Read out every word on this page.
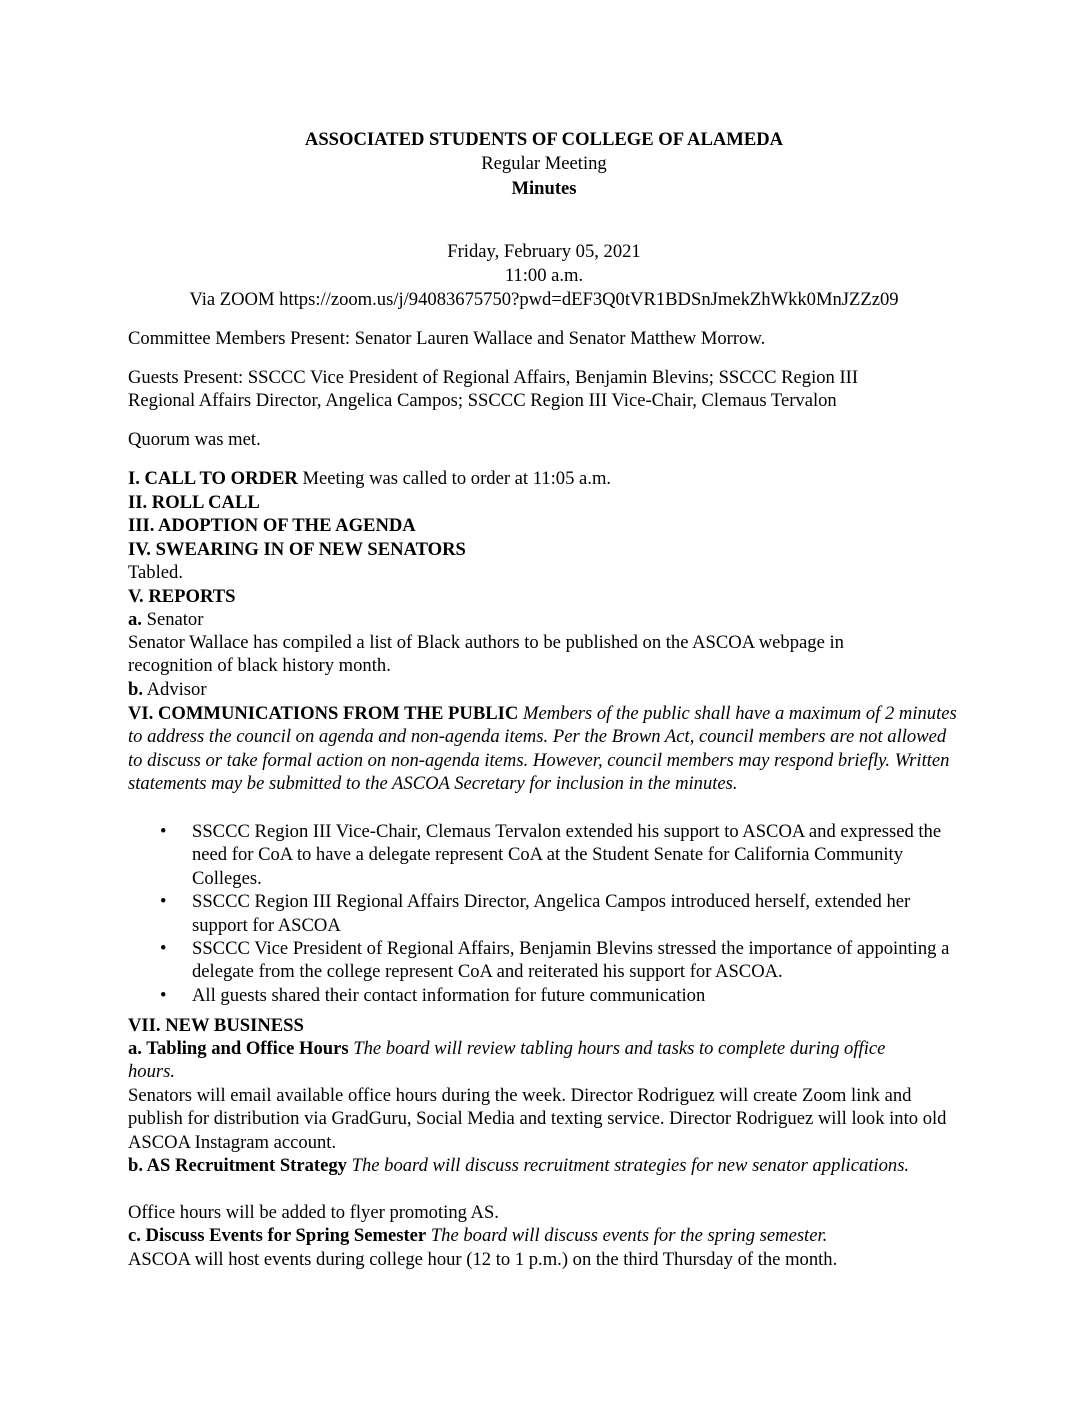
ASSOCIATED STUDENTS OF COLLEGE OF ALAMEDA
Regular Meeting
Minutes
Friday, February 05, 2021
11:00 a.m.
Via ZOOM https://zoom.us/j/94083675750?pwd=dEF3Q0tVR1BDSnJmekZhWkk0MnJZZz09
Committee Members Present: Senator Lauren Wallace and Senator Matthew Morrow.
Guests Present: SSCCC Vice President of Regional Affairs, Benjamin Blevins; SSCCC Region III Regional Affairs Director, Angelica Campos; SSCCC Region III Vice-Chair, Clemaus Tervalon
Quorum was met.
I. CALL TO ORDER Meeting was called to order at 11:05 a.m.
II. ROLL CALL
III. ADOPTION OF THE AGENDA
IV. SWEARING IN OF NEW SENATORS
Tabled.
V. REPORTS
a. Senator
Senator Wallace has compiled a list of Black authors to be published on the ASCOA webpage in recognition of black history month.
b. Advisor
VI. COMMUNICATIONS FROM THE PUBLIC Members of the public shall have a maximum of 2 minutes to address the council on agenda and non-agenda items. Per the Brown Act, council members are not allowed to discuss or take formal action on non-agenda items. However, council members may respond briefly. Written statements may be submitted to the ASCOA Secretary for inclusion in the minutes.
• SSCCC Region III Vice-Chair, Clemaus Tervalon extended his support to ASCOA and expressed the need for CoA to have a delegate represent CoA at the Student Senate for California Community Colleges.
• SSCCC Region III Regional Affairs Director, Angelica Campos introduced herself, extended her support for ASCOA
• SSCCC Vice President of Regional Affairs, Benjamin Blevins stressed the importance of appointing a delegate from the college represent CoA and reiterated his support for ASCOA.
• All guests shared their contact information for future communication
VII. NEW BUSINESS
a. Tabling and Office Hours The board will review tabling hours and tasks to complete during office hours.
Senators will email available office hours during the week. Director Rodriguez will create Zoom link and publish for distribution via GradGuru, Social Media and texting service. Director Rodriguez will look into old ASCOA Instagram account.
b. AS Recruitment Strategy The board will discuss recruitment strategies for new senator applications.
Office hours will be added to flyer promoting AS.
c. Discuss Events for Spring Semester The board will discuss events for the spring semester.
ASCOA will host events during college hour (12 to 1 p.m.) on the third Thursday of the month.
